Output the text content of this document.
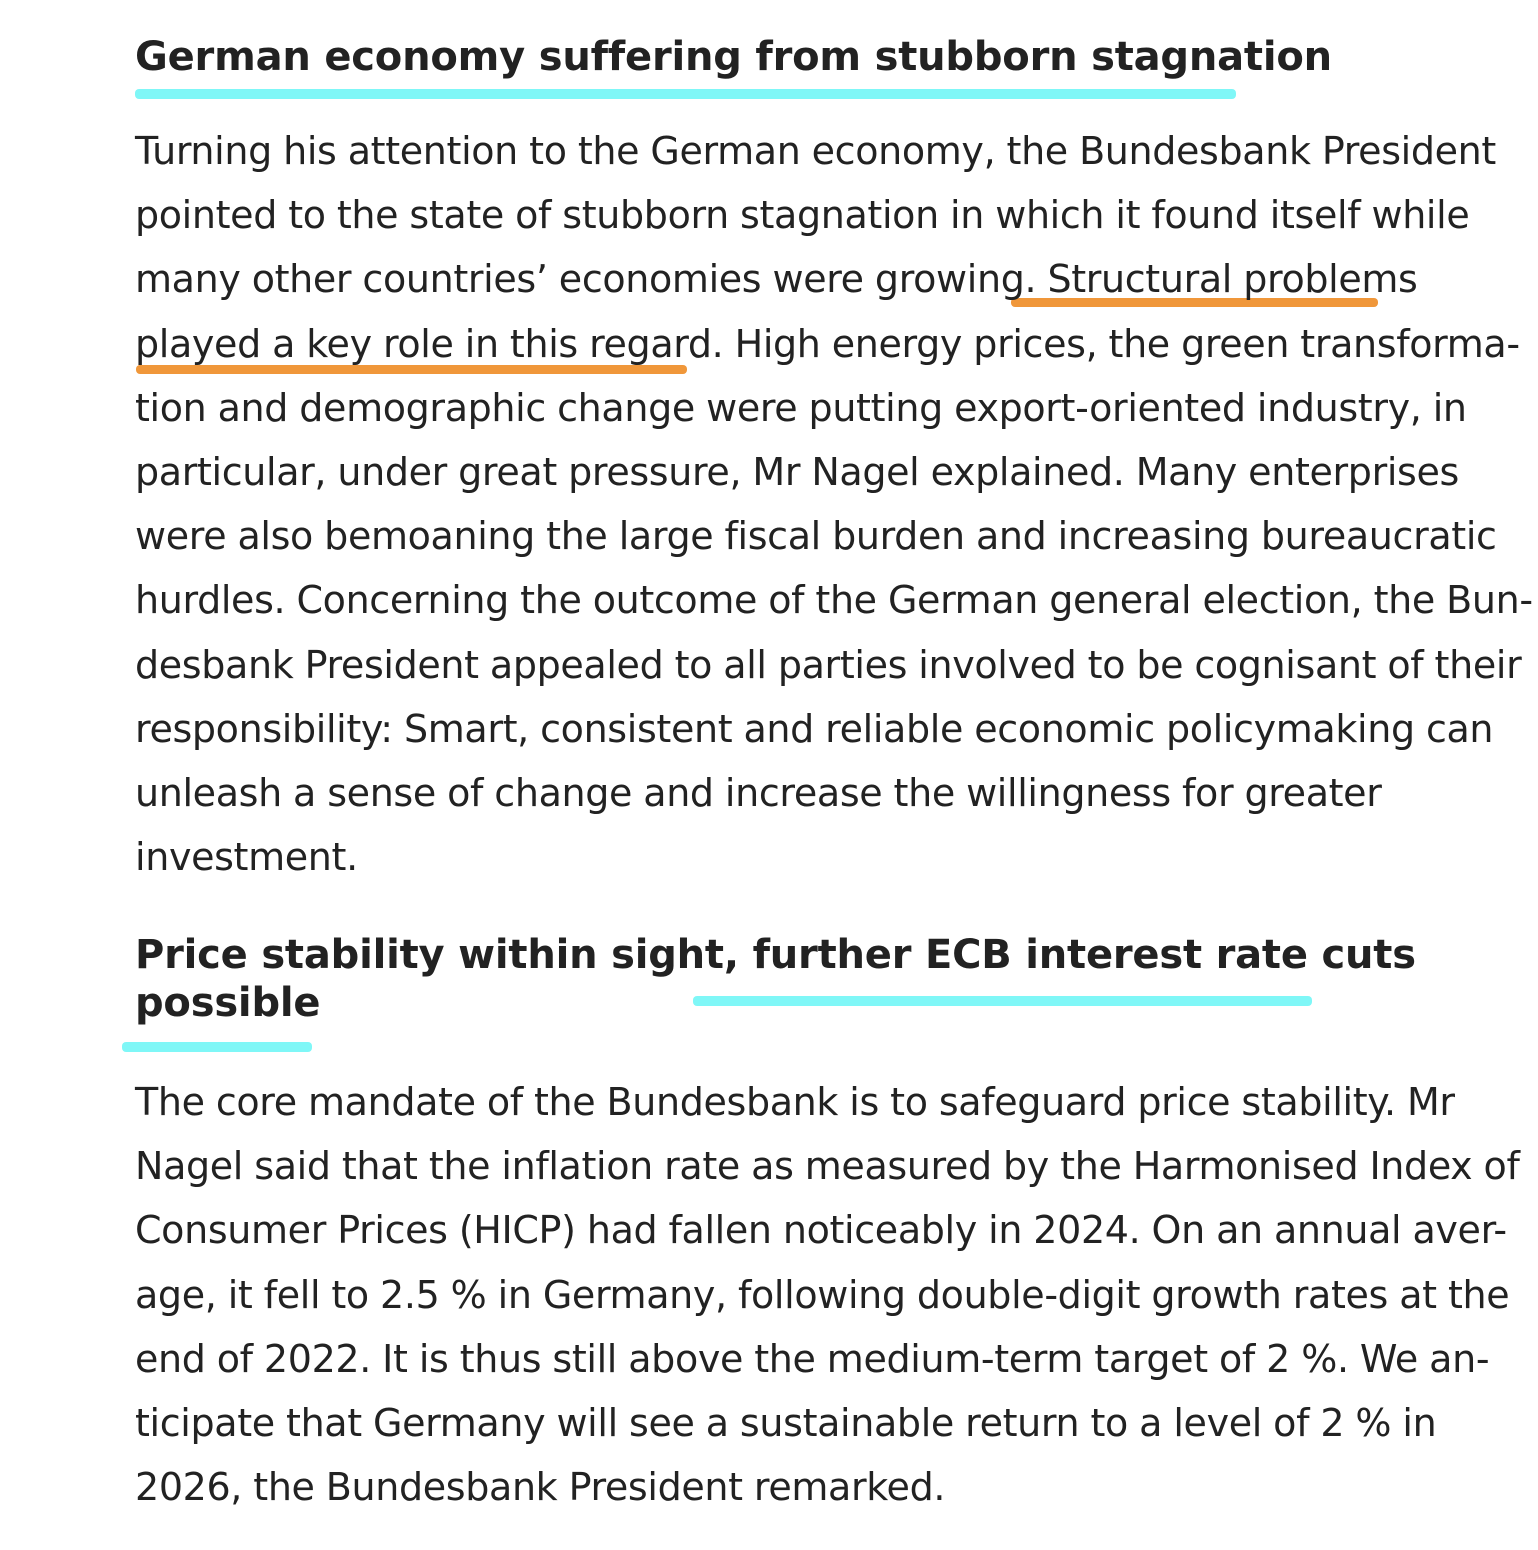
German economy suffering from stubborn stagnation

Turning his attention to the German economy, the Bundesbank President
pointed to the state of stubborn stagnation in which it found itself while
many other countries’ economies were growing. Structural problems
played a key role in this regard. High energy prices, the green transforma-
tion and demographic change were putting export-oriented industry, in
particular, under great pressure, Mr Nagel explained. Many enterprises
were also bemoaning the large fiscal burden and increasing bureaucratic
hurdles. Concerning the outcome of the German general election, the Bun-
desbank President appealed to all parties involved to be cognisant of their
responsibility: Smart, consistent and reliable economic policymaking can
unleash a sense of change and increase the willingness for greater
investment.

Price stability within sight, further ECB interest rate cuts possible

The core mandate of the Bundesbank is to safeguard price stability. Mr
Nagel said that the inflation rate as measured by the Harmonised Index of
Consumer Prices (HICP) had fallen noticeably in 2024. On an annual aver-
age, it fell to 2.5 % in Germany, following double-digit growth rates at the
end of 2022. It is thus still above the medium-term target of 2 %. We an-
ticipate that Germany will see a sustainable return to a level of 2 % in
2026, the Bundesbank President remarked.
